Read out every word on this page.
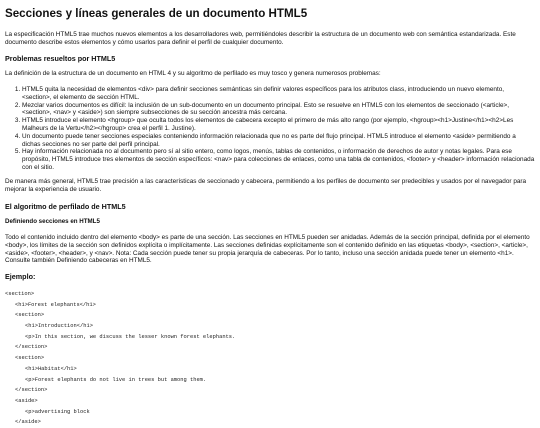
Secciones y líneas generales de un documento HTML5

La especificación HTML5 trae muchos nuevos elementos a los desarrolladores web, permitiéndoles describir la estructura de un documento web con semántica estandarizada. Este documento describe estos elementos y cómo usarlos para definir el perfil de cualquier documento.

Problemas resueltos por HTML5

La definición de la estructura de un documento en HTML 4 y su algoritmo de perfilado es muy tosco y genera numerosos problemas:

1. HTML5 quita la necesidad de elementos <div> para definir secciones semánticas sin definir valores específicos para los atributos class, introduciendo un nuevo elemento, <section>, el elemento de sección HTML.
2. Mezclar varios documentos es difícil: la inclusión de un sub-documento en un documento principal. Esto se resuelve en HTML5 con los elementos de seccionado (<article>, <section>, <nav> y <aside>) son siempre subsecciones de su sección ancestra más cercana.
3. HTML5 introduce el elemento <hgroup> que oculta todos los elementos de cabecera excepto el primero de más alto rango (por ejemplo, <hgroup><h1>Justine</h1><h2>Les Malheurs de la Vertu</h2></hgroup> crea el perfil 1. Justine).
4. Un documento puede tener secciones especiales conteniendo información relacionada que no es parte del flujo principal. HTML5 introduce el elemento <aside> permitiendo a dichas secciones no ser parte del perfil principal.
5. Hay información relacionada no al documento pero sí al sitio entero, como logos, menús, tablas de contenidos, o información de derechos de autor y notas legales. Para ese propósito, HTML5 introduce tres elementos de sección específicos: <nav> para colecciones de enlaces, como una tabla de contenidos, <footer> y <header> información relacionada con el sitio.

De manera más general, HTML5 trae precisión a las características de seccionado y cabecera, permitiendo a los perfiles de documento ser predecibles y usados por el navegador para mejorar la experiencia de usuario.

El algoritmo de perfilado de HTML5
Definiendo secciones en HTML5

Todo el contenido incluido dentro del elemento <body> es parte de una sección. Las secciones en HTML5 pueden ser anidadas. Además de la sección principal, definida por el elemento <body>, los límites de la sección son definidos explícita o implícitamente. Las secciones definidas explícitamente son el contenido definido en las etiquetas <body>, <section>, <article>, <aside>, <footer>, <header>, y <nav>. Nota: Cada sección puede tener su propia jerarquía de cabeceras. Por lo tanto, incluso una sección anidada puede tener un elemento <h1>. Consulte también Definiendo cabeceras en HTML5.

Ejemplo:
<section>
<h1>Forest elephants</h1>
<section>
<h1>Introduction</h1>
<p>In this section, we discuss the lesser known forest elephants.
</section>
<section>
<h1>Habitat</h1>
<p>Forest elephants do not live in trees but among them.
</section>
<aside>
<p>advertising block
</aside>
